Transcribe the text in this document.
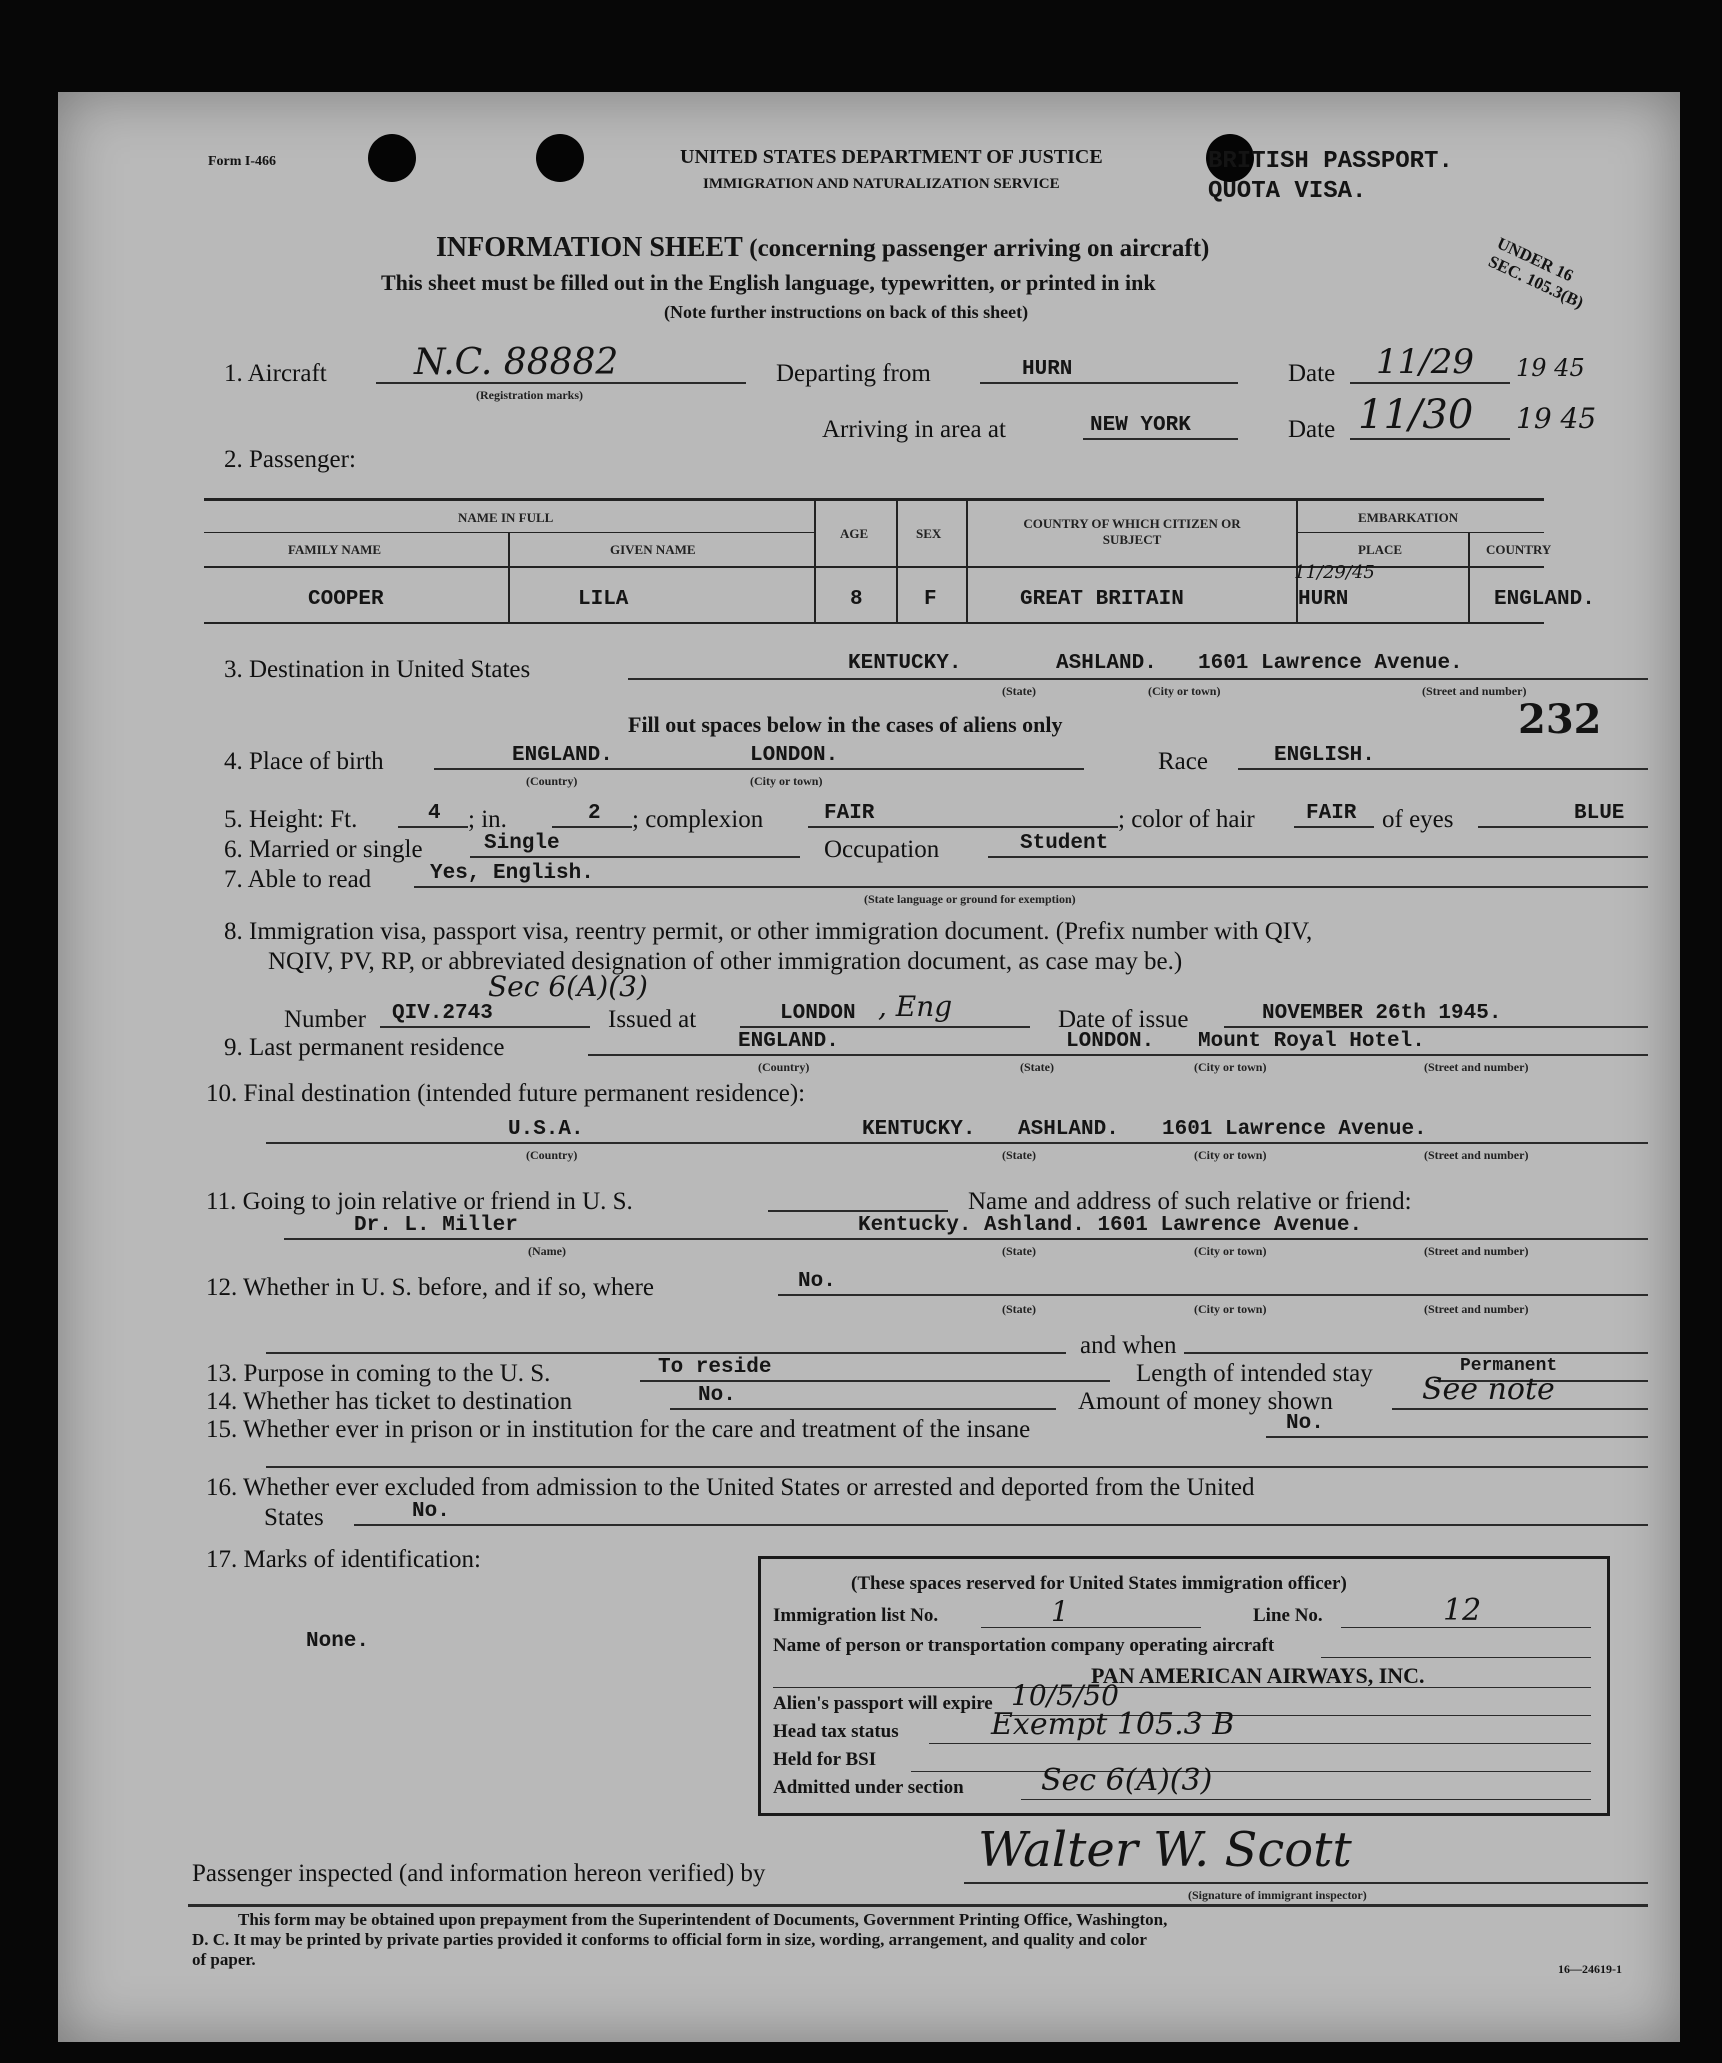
Form I-466	UNITED STATES DEPARTMENT OF JUSTICE
IMMIGRATION AND NATURALIZATION SERVICE
BRITISH PASSPORT.
QUOTA VISA.
UNDER 16 SEC. 105.3(B)
INFORMATION SHEET (concerning passenger arriving on aircraft)
This sheet must be filled out in the English language, typewritten, or printed in ink
(Note further instructions on back of this sheet)
1. Aircraft N.C. 88882
(Registration marks)
Departing from	HURN	Date 11/29 19 45
Arriving in area at	NEW YORK	Date 11/30 19 45
2. Passenger:
NAME IN FULL
FAMILY NAME	GIVEN NAME
AGE	SEX
COUNTRY OF WHICH CITIZEN OR SUBJECT
EMBARKATION
PLACE	COUNTRY
COOPER	LILA	8	F	GREAT BRITAIN	HURN	ENGLAND.
11/29/45
3. Destination in United States	KENTUCKY.	ASHLAND. 1601 Lawrence Avenue.
(State)	(City or town)	(Street and number)
Fill out spaces below in the cases of aliens only	232
4. Place of birth	ENGLAND.	LONDON.
(Country)	(City or town)
Race	ENGLISH.
5. Height: Ft.	4 ; in.	2 ; complexion	FAIR	; color of hair FAIR of eyes	BLUE
6. Married or single	Single	Occupation	Student
7. Able to read	Yes, English.
(State language or ground for exemption)
8. Immigration visa, passport visa, reentry permit, or other immigration document. (Prefix number with QIV,
NQIV, PV, RP, or abbreviated designation of other immigration document, as case may be.)
Sec 6(A)(3)
Number QIV.2743	Issued at	LONDON , Eng	Date of issue	NOVEMBER 26th 1945.
9. Last permanent residence	ENGLAND.	LONDON. Mount Royal Hotel.
(Country)	(State)	(City or town)	(Street and number)
10. Final destination (intended future permanent residence):
U.S.A.	KENTUCKY. ASHLAND. 1601 Lawrence Avenue.
(Country)	(State)	(City or town)	(Street and number)
11. Going to join relative or friend in U. S.	Name and address of such relative or friend:
Dr. L. Miller	Kentucky. Ashland. 1601 Lawrence Avenue.
(Name)	(State)	(City or town)	(Street and number)
12. Whether in U. S. before, and if so, where	No.
(State)	(City or town)	(Street and number)
and when
13. Purpose in coming to the U. S.	To reside	Length of intended stay	Permanent
14. Whether has ticket to destination	No.	Amount of money shown	See note
15. Whether ever in prison or in institution for the care and treatment of the insane	No.
16. Whether ever excluded from admission to the United States or arrested and deported from the United
States	No.
17. Marks of identification:
None.
(These spaces reserved for United States immigration officer)
Immigration list No.	1	Line No.	12
Name of person or transportation company operating aircraft
PAN AMERICAN AIRWAYS, INC.
Alien's passport will expire 10/5/50
Head tax status	Exempt 105.3 B
Held for BSI
Admitted under section	Sec 6(A)(3)
Passenger inspected (and information hereon verified) by	Walter W. Scott
(Signature of immigrant inspector)
This form may be obtained upon prepayment from the Superintendent of Documents, Government Printing Office, Washington,
D. C. It may be printed by private parties provided it conforms to official form in size, wording, arrangement, and quality and color
of paper.	16—24619-1
